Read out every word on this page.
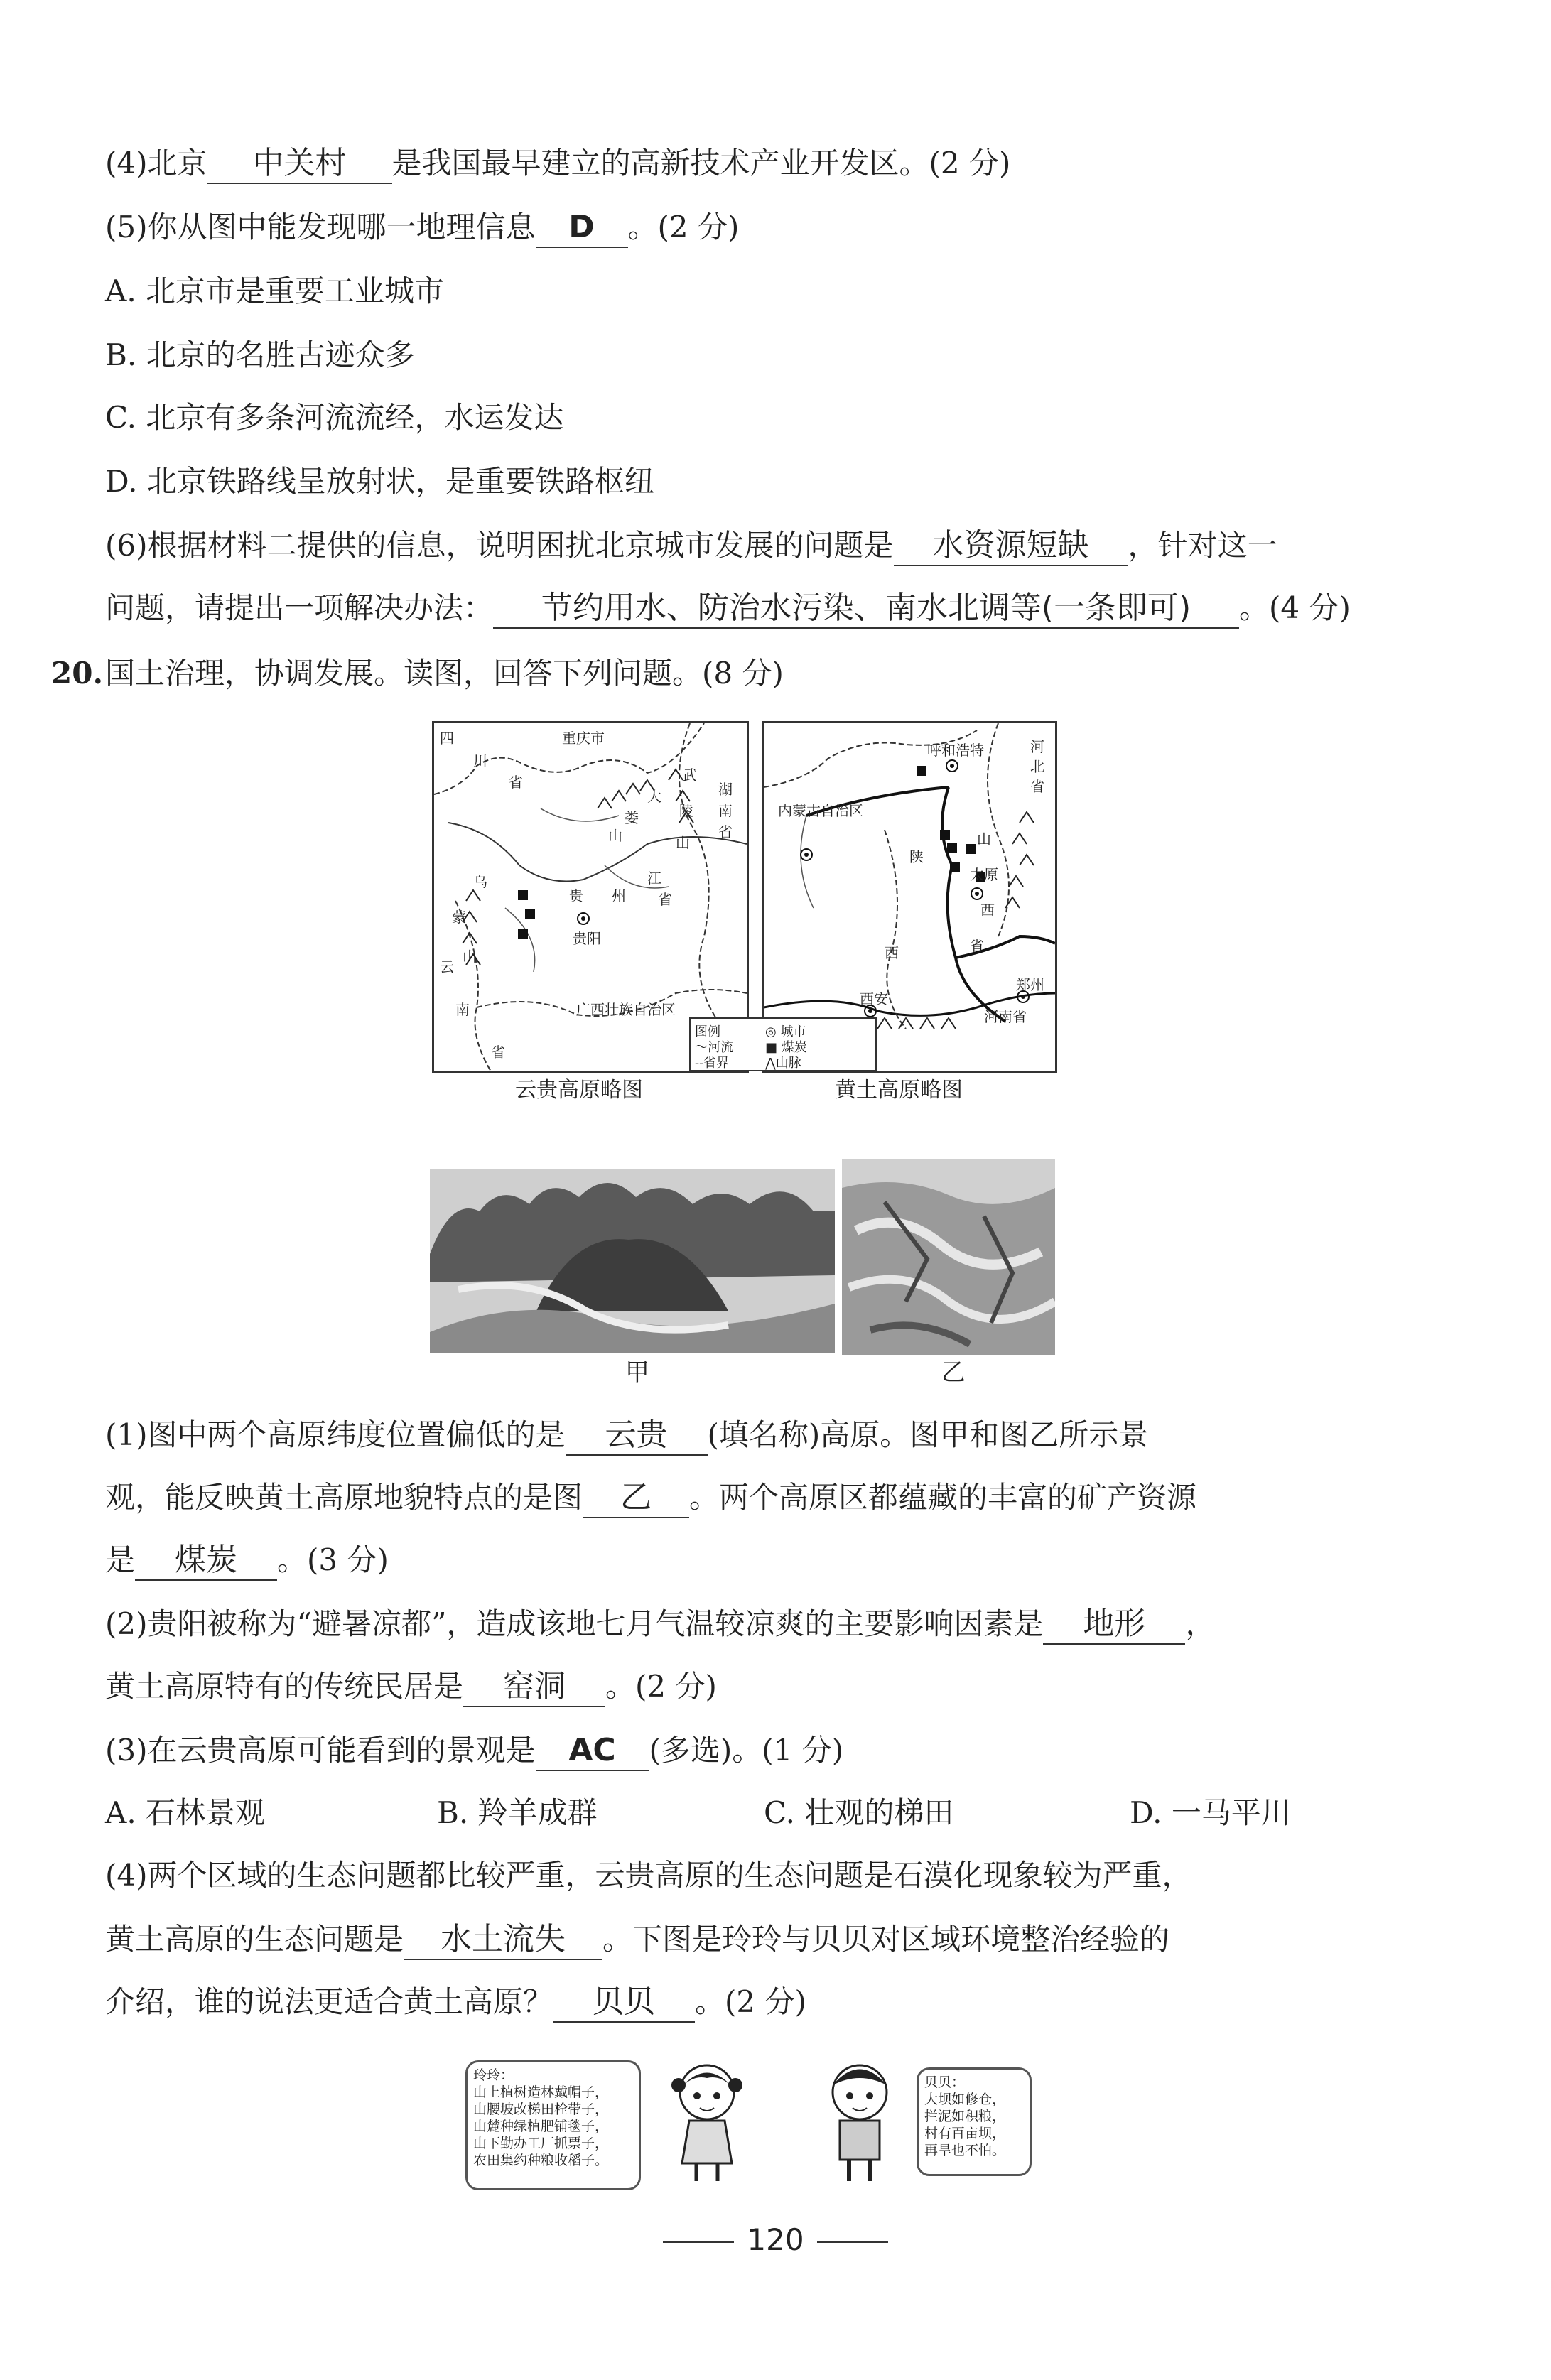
(4)北京 中关村 是我国最早建立的高新技术产业开发区。(2 分)
(5)你从图中能发现哪一地理信息 D 。(2 分)
A. 北京市是重要工业城市
B. 北京的名胜古迹众多
C. 北京有多条河流流经，水运发达
D. 北京铁路线呈放射状，是重要铁路枢纽
(6)根据材料二提供的信息，说明困扰北京城市发展的问题是 水资源短缺 ，针对这一
问题，请提出一项解决办法： 节约用水、防治水污染、南水北调等(一条即可) 。(4 分)
20. 国土治理，协调发展。读图，回答下列问题。(8 分)
四
川
省
重庆市
武
陵
山
大
娄
山
湖
南
省
江
乌
蒙
山
贵 州 省
贵阳
云
南
省
广西壮族自治区
呼和浩特	河
北
省
内蒙古自治区
山
西
太原
陕
西	省
西安
郑州
河南省
图例	◎ 城市
～河流	■ 煤炭
--省界	⋀山脉
云贵高原略图	黄土高原略图
甲	乙
(1)图中两个高原纬度位置偏低的是 云贵 (填名称)高原。图甲和图乙所示景
观，能反映黄土高原地貌特点的是图 乙 。两个高原区都蕴藏的丰富的矿产资源
是 煤炭 。(3 分)
(2)贵阳被称为“避暑凉都”，造成该地七月气温较凉爽的主要影响因素是 地形 ，
黄土高原特有的传统民居是 窑洞 。(2 分)
(3)在云贵高原可能看到的景观是 AC (多选)。(1 分)
A. 石林景观	B. 羚羊成群	C. 壮观的梯田	D. 一马平川
(4)两个区域的生态问题都比较严重，云贵高原的生态问题是石漠化现象较为严重，
黄土高原的生态问题是 水土流失 。下图是玲玲与贝贝对区域环境整治经验的
介绍，谁的说法更适合黄土高原？ 贝贝 。(2 分)
玲玲：
山上植树造林戴帽子，
山腰坡改梯田栓带子，
山麓种绿植肥铺毯子，
山下勤办工厂抓票子，
农田集约种粮收稻子。
贝贝：
大坝如修仓，
拦泥如积粮，
村有百亩坝，
再旱也不怕。
120
